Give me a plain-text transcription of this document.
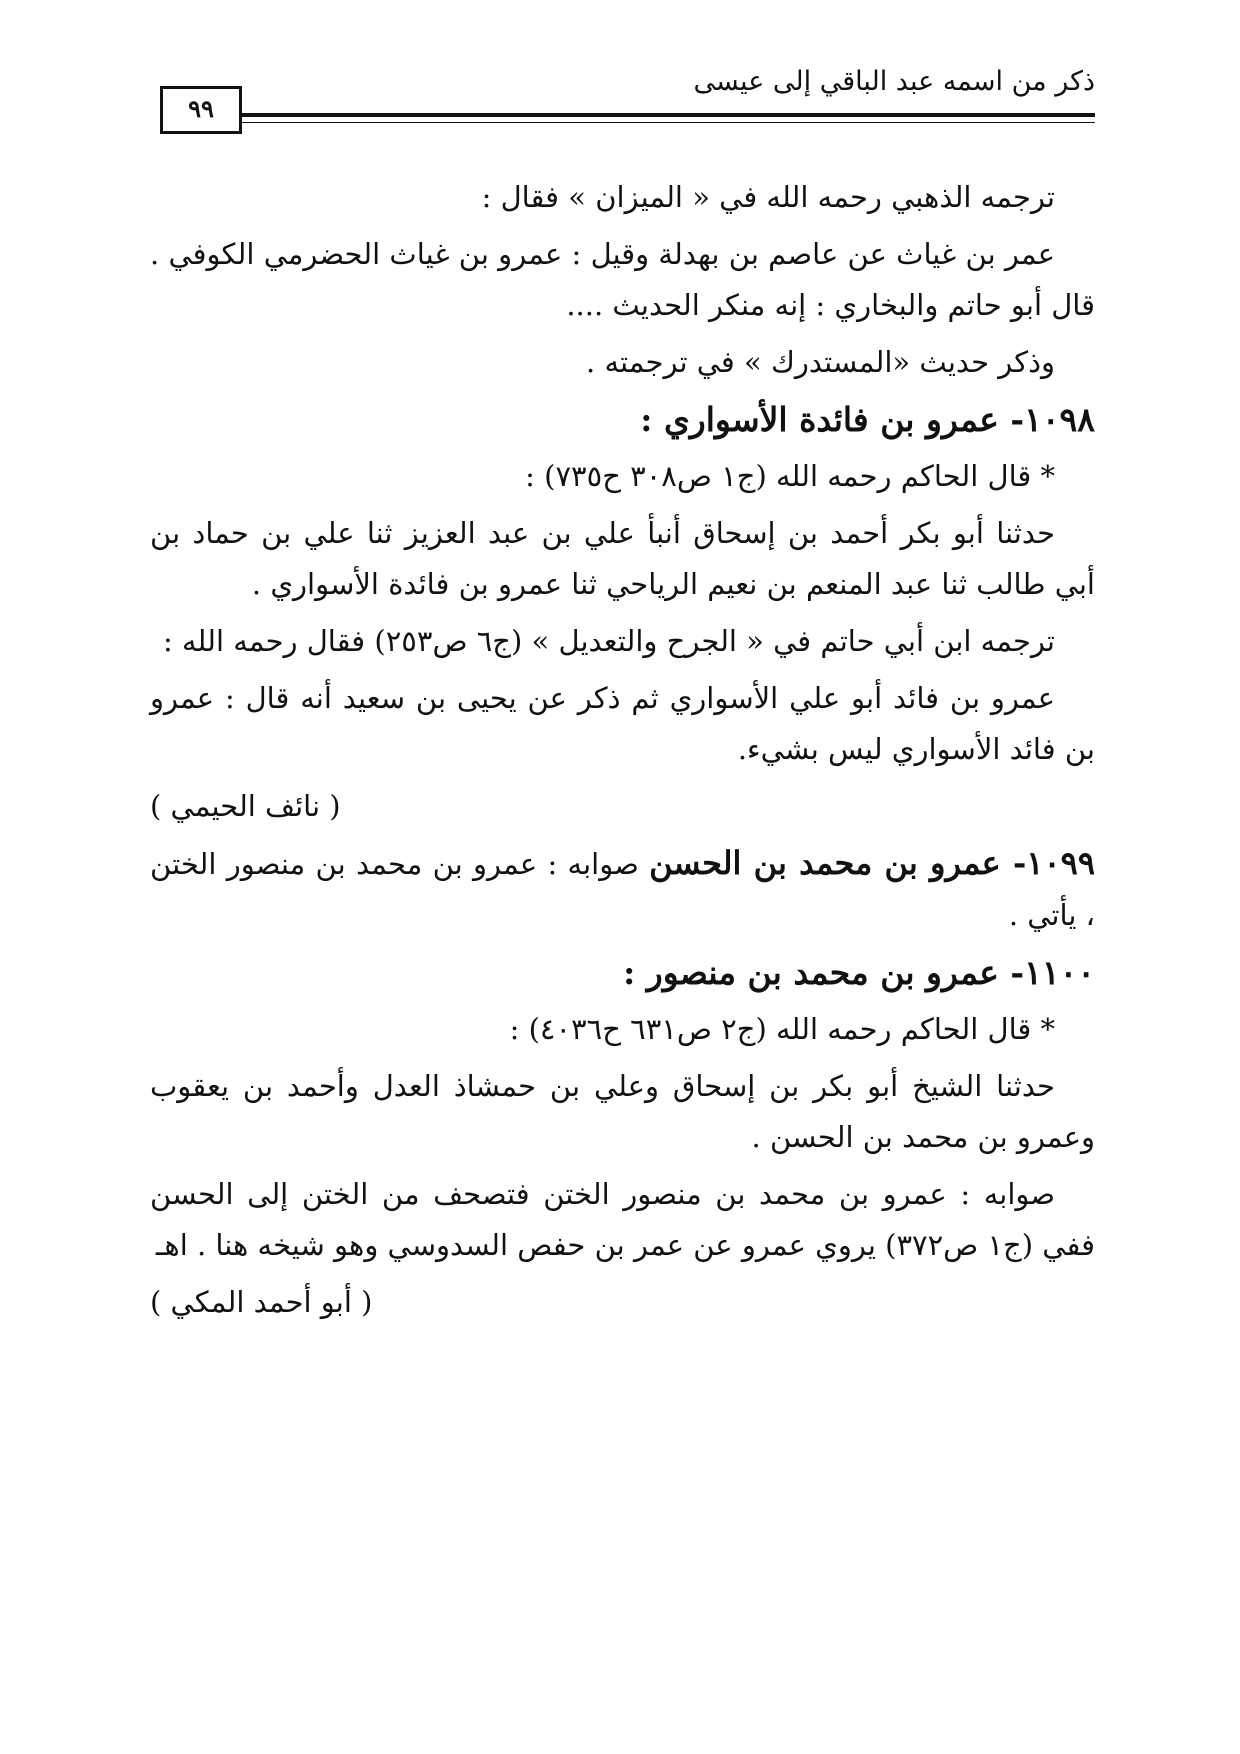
ذكر من اسمه عبد الباقي إلى عيسى
٩٩

ترجمه الذهبي رحمه الله في « الميزان » فقال :

عمر بن غياث عن عاصم بن بهدلة وقيل : عمرو بن غياث الحضرمي الكوفي . قال أبو حاتم والبخاري : إنه منكر الحديث ....

وذكر حديث «المستدرك » في ترجمته .

١٠٩٨- عمرو بن فائدة الأسواري :

* قال الحاكم رحمه الله (ج١ ص٣٠٨ ح٧٣٥) :

حدثنا أبو بكر أحمد بن إسحاق أنبأ علي بن عبد العزيز ثنا علي بن حماد بن أبي طالب ثنا عبد المنعم بن نعيم الرياحي ثنا عمرو بن فائدة الأسواري .

ترجمه ابن أبي حاتم في « الجرح والتعديل » (ج٦ ص٢٥٣) فقال رحمه الله :

عمرو بن فائد أبو علي الأسواري ثم ذكر عن يحيى بن سعيد أنه قال : عمرو بن فائد الأسواري ليس بشيء.

( نائف الحيمي )

١٠٩٩- عمرو بن محمد بن الحسن صوابه : عمرو بن محمد بن منصور الختن ، يأتي .

١١٠٠- عمرو بن محمد بن منصور :

* قال الحاكم رحمه الله (ج٢ ص٦٣١ ح٤٠٣٦) :

حدثنا الشيخ أبو بكر بن إسحاق وعلي بن حمشاذ العدل وأحمد بن يعقوب وعمرو بن محمد بن الحسن .

صوابه : عمرو بن محمد بن منصور الختن فتصحف من الختن إلى الحسن ففي (ج١ ص٣٧٢) يروي عمرو عن عمر بن حفص السدوسي وهو شيخه هنا . اهـ

( أبو أحمد المكي )
